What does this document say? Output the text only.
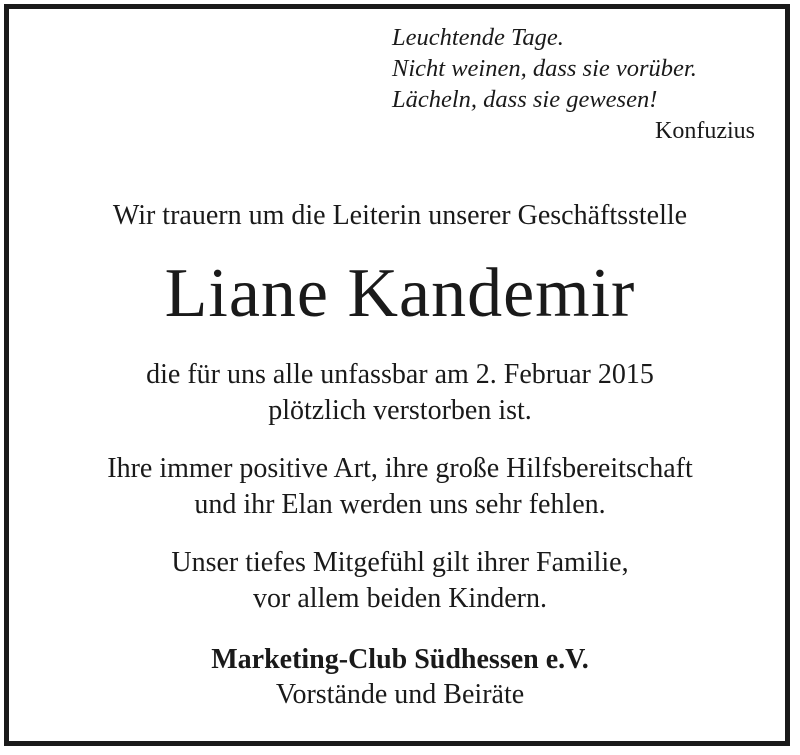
Leuchtende Tage.
Nicht weinen, dass sie vorüber.
Lächeln, dass sie gewesen!
Konfuzius
Wir trauern um die Leiterin unserer Geschäftsstelle
Liane Kandemir
die für uns alle unfassbar am 2. Februar 2015
plötzlich verstorben ist.
Ihre immer positive Art, ihre große Hilfsbereitschaft
und ihr Elan werden uns sehr fehlen.
Unser tiefes Mitgefühl gilt ihrer Familie,
vor allem beiden Kindern.
Marketing-Club Südhessen e.V.
Vorstände und Beiräte
